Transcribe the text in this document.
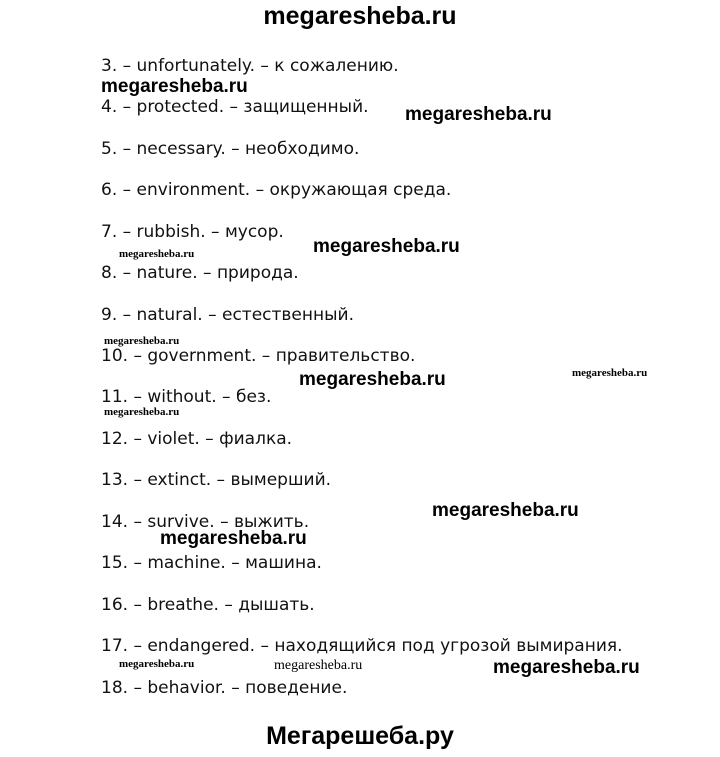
megaresheba.ru
3. – unfortunately. – к сожалению.
4. – protected. – защищенный.
5. – necessary. – необходимо.
6. – environment. – окружающая среда.
7. – rubbish. – мусор.
8. – nature. – природа.
9. – natural. – естественный.
10. – government. – правительство.
11. – without. – без.
12. – violet. – фиалка.
13. – extinct. – вымерший.
14. – survive. – выжить.
15. – machine. – машина.
16. – breathe. – дышать.
17. – endangered. – находящийся под угрозой вымирания.
18. – behavior. – поведение.
megaresheba.ru
megaresheba.ru
megaresheba.ru
megaresheba.ru
megaresheba.ru
megaresheba.ru	megaresheba.ru
megaresheba.ru
megaresheba.ru
megaresheba.ru
megaresheba.ru	megaresheba.ru	megaresheba.ru
Мегарешеба.ру
